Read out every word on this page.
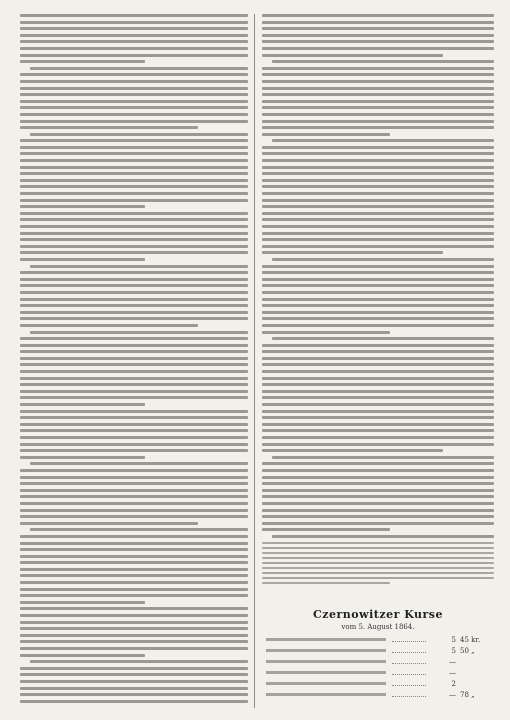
Czernowitzer Kurse
vom 5. August 1864.
5 45 kr.
5 50 „
—
—
2
— 78 „
